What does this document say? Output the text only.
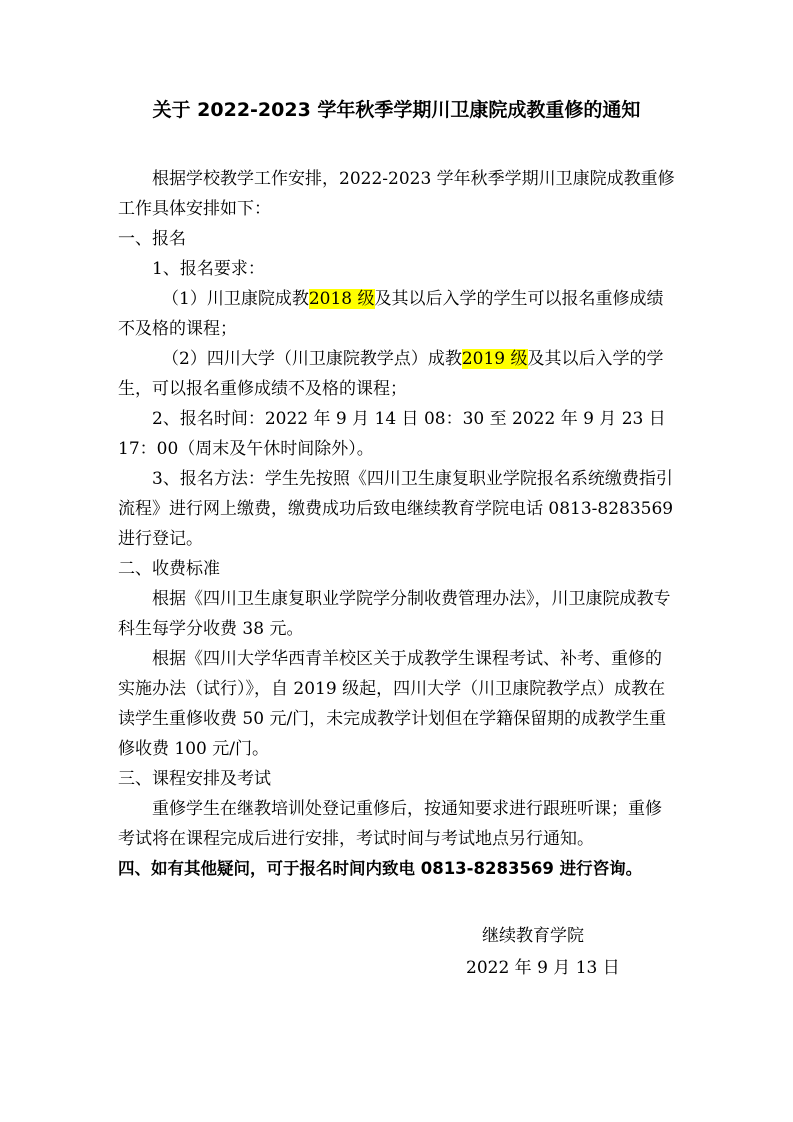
关于 2022-2023 学年秋季学期川卫康院成教重修的通知

根据学校教学工作安排，2022-2023 学年秋季学期川卫康院成教重修工作具体安排如下：

一、报名

1、报名要求：

（1）川卫康院成教2018 级及其以后入学的学生可以报名重修成绩不及格的课程；

（2）四川大学（川卫康院教学点）成教2019 级及其以后入学的学生，可以报名重修成绩不及格的课程；

2、报名时间：2022 年 9 月 14 日 08：30 至 2022 年 9 月 23 日 17：00（周末及午休时间除外）。

3、报名方法：学生先按照《四川卫生康复职业学院报名系统缴费指引流程》进行网上缴费，缴费成功后致电继续教育学院电话 0813-8283569 进行登记。

二、收费标准

根据《四川卫生康复职业学院学分制收费管理办法》，川卫康院成教专科生每学分收费 38 元。

根据《四川大学华西青羊校区关于成教学生课程考试、补考、重修的实施办法（试行）》，自 2019 级起，四川大学（川卫康院教学点）成教在读学生重修收费 50 元/门，未完成教学计划但在学籍保留期的成教学生重修收费 100 元/门。

三、课程安排及考试

重修学生在继教培训处登记重修后，按通知要求进行跟班听课；重修考试将在课程完成后进行安排，考试时间与考试地点另行通知。

四、如有其他疑问，可于报名时间内致电 0813-8283569 进行咨询。

继续教育学院
2022 年 9 月 13 日
